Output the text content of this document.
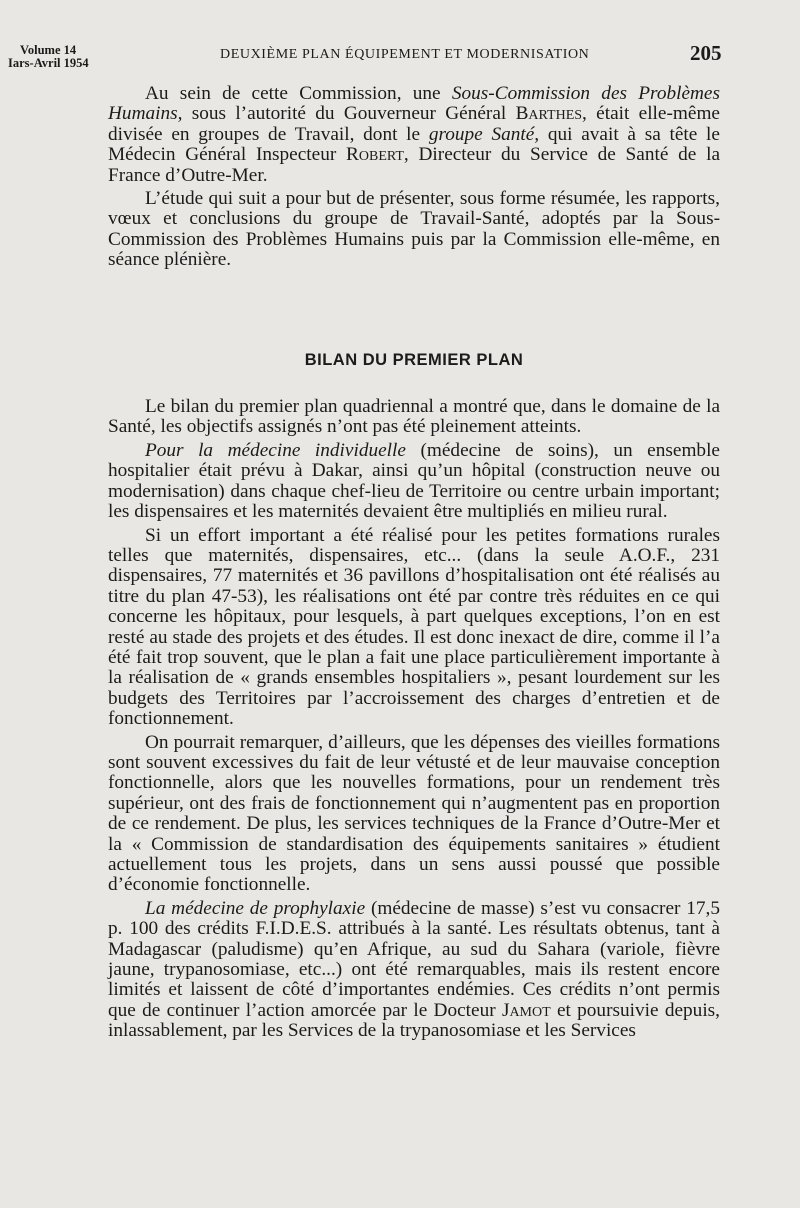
Volume 14
Iars-Avril 1954
DEUXIÈME PLAN ÉQUIPEMENT ET MODERNISATION	205

Au sein de cette Commission, une Sous-Commission des Problèmes Humains, sous l’autorité du Gouverneur Général Barthes, était elle-même divisée en groupes de Travail, dont le groupe Santé, qui avait à sa tête le Médecin Général Inspecteur Robert, Directeur du Service de Santé de la France d’Outre-Mer.

L’étude qui suit a pour but de présenter, sous forme résumée, les rapports, vœux et conclusions du groupe de Travail-Santé, adoptés par la Sous-Commission des Problèmes Humains puis par la Commission elle-même, en séance plénière.

BILAN DU PREMIER PLAN

Le bilan du premier plan quadriennal a montré que, dans le domaine de la Santé, les objectifs assignés n’ont pas été pleinement atteints.

Pour la médecine individuelle (médecine de soins), un ensemble hospitalier était prévu à Dakar, ainsi qu’un hôpital (construction neuve ou modernisation) dans chaque chef-lieu de Territoire ou centre urbain important; les dispensaires et les maternités devaient être multipliés en milieu rural.

Si un effort important a été réalisé pour les petites formations rurales telles que maternités, dispensaires, etc... (dans la seule A.O.F., 231 dispensaires, 77 maternités et 36 pavillons d’hospitalisation ont été réalisés au titre du plan 47-53), les réalisations ont été par contre très réduites en ce qui concerne les hôpitaux, pour lesquels, à part quelques exceptions, l’on en est resté au stade des projets et des études. Il est donc inexact de dire, comme il l’a été fait trop souvent, que le plan a fait une place particulièrement importante à la réalisation de « grands ensembles hospitaliers », pesant lourdement sur les budgets des Territoires par l’accroissement des charges d’entretien et de fonctionnement.

On pourrait remarquer, d’ailleurs, que les dépenses des vieilles formations sont souvent excessives du fait de leur vétusté et de leur mauvaise conception fonctionnelle, alors que les nouvelles formations, pour un rendement très supérieur, ont des frais de fonctionnement qui n’augmentent pas en proportion de ce rendement. De plus, les services techniques de la France d’Outre-Mer et la « Commission de standardisation des équipements sanitaires » étudient actuellement tous les projets, dans un sens aussi poussé que possible d’économie fonctionnelle.

La médecine de prophylaxie (médecine de masse) s’est vu consacrer 17,5 p. 100 des crédits F.I.D.E.S. attribués à la santé. Les résultats obtenus, tant à Madagascar (paludisme) qu’en Afrique, au sud du Sahara (variole, fièvre jaune, trypanosomiase, etc...) ont été remarquables, mais ils restent encore limités et laissent de côté d’importantes endémies. Ces crédits n’ont permis que de continuer l’action amorcée par le Docteur Jamot et poursuivie depuis, inlassablement, par les Services de la trypanosomiase et les Services
